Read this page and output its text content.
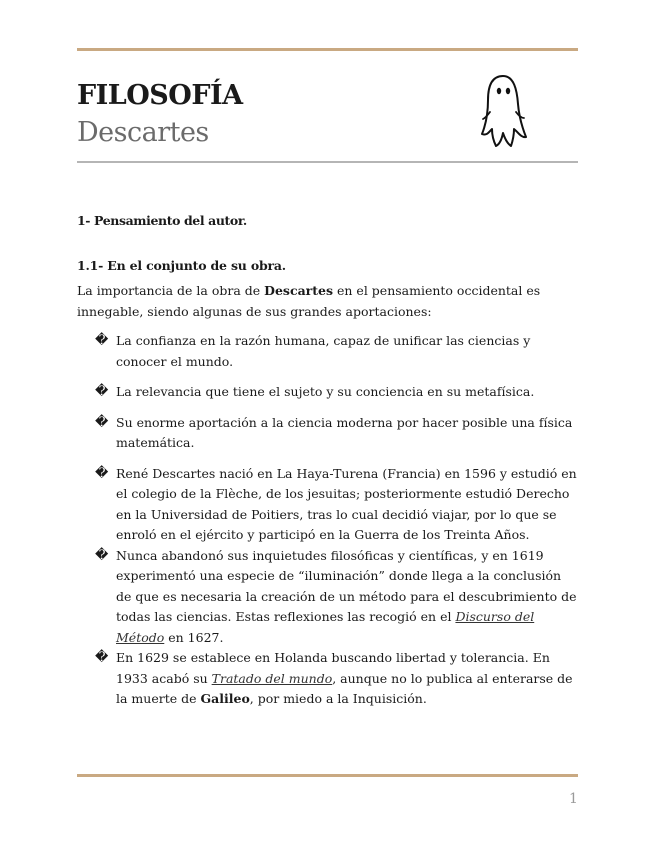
FILOSOFÍA
Descartes
1- Pensamiento del autor.
1.1- En el conjunto de su obra.

La importancia de la obra de Descartes en el pensamiento occidental es innegable, siendo algunas de sus grandes aportaciones:

� La confianza en la razón humana, capaz de unificar las ciencias y conocer el mundo.
� La relevancia que tiene el sujeto y su conciencia en su metafísica.
� Su enorme aportación a la ciencia moderna por hacer posible una física matemática.
� René Descartes nació en La Haya-Turena (Francia) en 1596 y estudió en el colegio de la Flèche, de los jesuitas; posteriormente estudió Derecho en la Universidad de Poitiers, tras lo cual decidió viajar, por lo que se enroló en el ejército y participó en la Guerra de los Treinta Años.
� Nunca abandonó sus inquietudes filosóficas y científicas, y en 1619 experimentó una especie de “iluminación” donde llega a la conclusión de que es necesaria la creación de un método para el descubrimiento de todas las ciencias. Estas reflexiones las recogió en el Discurso del Método en 1627.
� En 1629 se establece en Holanda buscando libertad y tolerancia. En 1933 acabó su Tratado del mundo, aunque no lo publica al enterarse de la muerte de Galileo, por miedo a la Inquisición.
1
